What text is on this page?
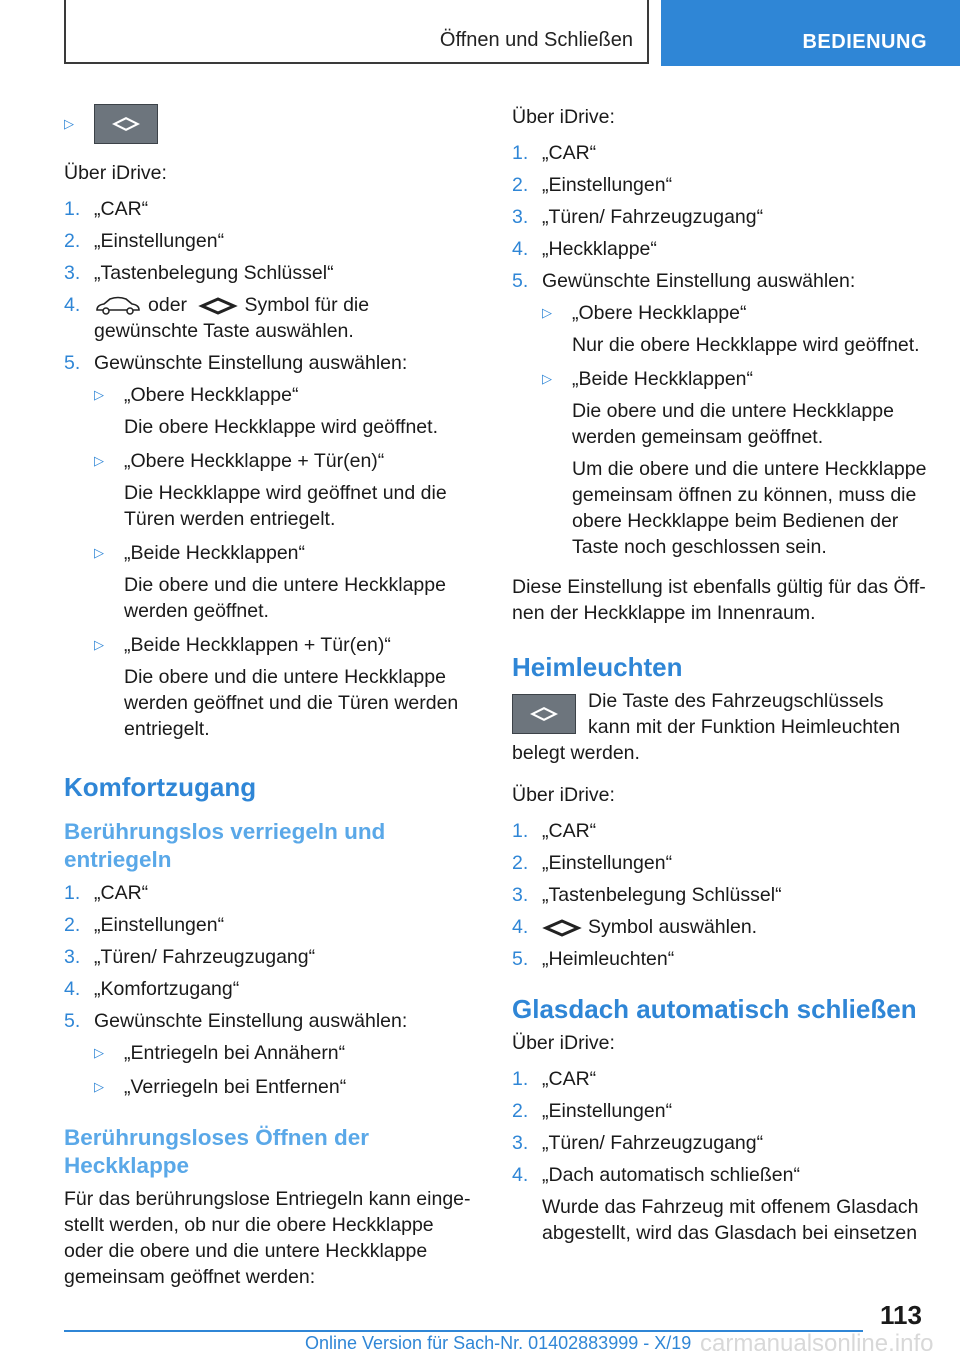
Öffnen und Schließen	BEDIENUNG
▷

Über iDrive:

1. „CAR“
2. „Einstellungen“
3. „Tastenbelegung Schlüssel“
4.	oder	Symbol für die gewünschte Taste auswählen.
5. Gewünschte Einstellung auswählen:
▷	„Obere Heckklappe“
Die obere Heckklappe wird geöffnet.
▷	„Obere Heckklappe + Tür(en)“
Die Heckklappe wird geöffnet und die Türen werden entriegelt.
▷	„Beide Heckklappen“
Die obere und die untere Heckklappe werden geöffnet.
▷	„Beide Heckklappen + Tür(en)“
Die obere und die untere Heckklappe werden geöffnet und die Türen werden entriegelt.
Komfortzugang
Berührungslos verriegeln und entriegeln
1. „CAR“
2. „Einstellungen“
3. „Türen/ Fahrzeugzugang“
4. „Komfortzugang“
5. Gewünschte Einstellung auswählen:
▷	„Entriegeln bei Annähern“
▷	„Verriegeln bei Entfernen“
Berührungsloses Öffnen der Heckklappe

Für das berührungslose Entriegeln kann eingestellt werden, ob nur die obere Heckklappe oder die obere und die untere Heckklappe gemeinsam geöffnet werden:

Über iDrive:

1. „CAR“
2. „Einstellungen“
3. „Türen/ Fahrzeugzugang“
4. „Heckklappe“
5. Gewünschte Einstellung auswählen:
▷	„Obere Heckklappe“
Nur die obere Heckklappe wird geöffnet.
▷	„Beide Heckklappen“
Die obere und die untere Heckklappe werden gemeinsam geöffnet.
Um die obere und die untere Heckklappe gemeinsam öffnen zu können, muss die obere Heckklappe beim Bedienen der Taste noch geschlossen sein.

Diese Einstellung ist ebenfalls gültig für das Öffnen der Heckklappe im Innenraum.

Heimleuchten

Die Taste des Fahrzeugschlüssels kann mit der Funktion Heimleuchten belegt werden.

Über iDrive:

1. „CAR“
2. „Einstellungen“
3. „Tastenbelegung Schlüssel“
4.	Symbol auswählen.
5. „Heimleuchten“
Glasdach automatisch schließen

Über iDrive:

1. „CAR“
2. „Einstellungen“
3. „Türen/ Fahrzeugzugang“
4. „Dach automatisch schließen“
Wurde das Fahrzeug mit offenem Glasdach abgestellt, wird das Glasdach bei einsetzen
113
Online Version für Sach-Nr. 01402883999 - X/19 carmanualsonline.info
